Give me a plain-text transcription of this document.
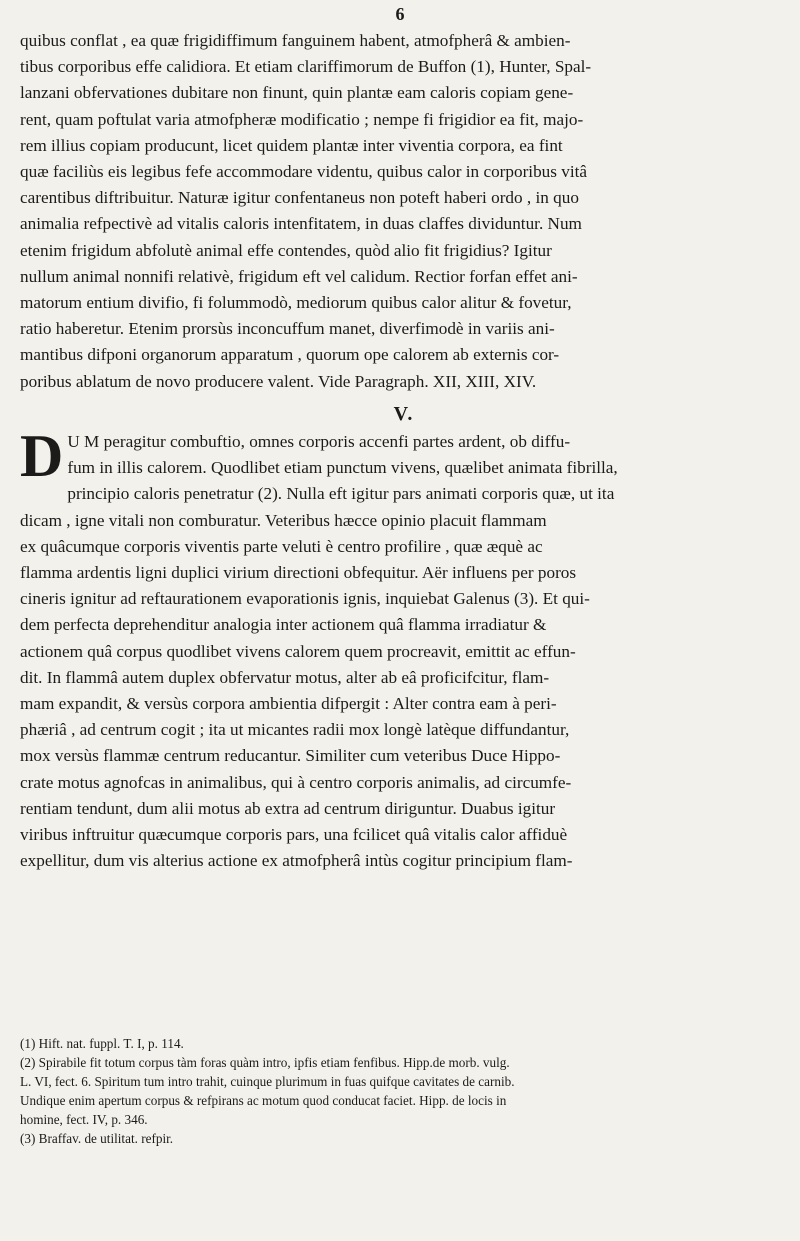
6
quibus conflat , ea quæ frigidiffimum fanguinem habent, atmofpherâ & ambien-
tibus corporibus effe calidiora. Et etiam clariffimorum de Buffon (1), Hunter, Spal-
lanzani obfervationes dubitare non finunt, quin plantæ eam caloris copiam gene-
rent, quam poftulat varia atmofpheræ modificatio ; nempe fi frigidior ea fit, majo-
rem illius copiam producunt, licet quidem plantæ inter viventia corpora, ea fint
quæ faciliùs eis legibus fefe accommodare videntu, quibus calor in corporibus vitâ
carentibus diftribuitur. Naturæ igitur confentaneus non poteft haberi ordo , in quo
animalia refpectivè ad vitalis caloris intenfitatem, in duas claffes dividuntur. Num
etenim frigidum abfolutè animal effe contendes, quòd alio fit frigidius? Igitur
nullum animal nonnifi relativè, frigidum eft vel calidum. Rectior forfan effet ani-
matorum entium divifio, fi folummodò, mediorum quibus calor alitur & fovetur,
ratio haberetur. Etenim prorsùs inconcuffum manet, diverfimodè in variis ani-
mantibus difponi organorum apparatum , quorum ope calorem ab externis cor-
poribus ablatum de novo producere valent. Vide Paragraph. XII, XIII, XIV.
V.
D U M peragitur combuftio, omnes corporis accenfi partes ardent, ob diffu-
fum in illis calorem. Quodlibet etiam punctum vivens, quælibet animata fibrilla,
principio caloris penetratur (2). Nulla eft igitur pars animati corporis quæ, ut ita
dicam , igne vitali non comburatur. Veteribus hæcce opinio placuit flammam
ex quâcumque corporis viventis parte veluti è centro profilire , quæ æquè ac
flamma ardentis ligni duplici virium directioni obfequitur. Aër influens per poros
cineris ignitur ad reftaurationem evaporationis ignis, inquiebat Galenus (3). Et qui-
dem perfecta deprehenditur analogia inter actionem quâ flamma irradiatur &
actionem quâ corpus quodlibet vivens calorem quem procreavit, emittit ac effun-
dit. In flammâ autem duplex obfervatur motus, alter ab eâ proficifcitur, flam-
mam expandit, & versùs corpora ambientia difpergit : Alter contra eam à peri-
phæriâ , ad centrum cogit ; ita ut micantes radii mox longè latèque diffundantur,
mox versùs flammæ centrum reducantur. Similiter cum veteribus Duce Hippo-
crate motus agnofcas in animalibus, qui à centro corporis animalis, ad circumfe-
rentiam tendunt, dum alii motus ab extra ad centrum diriguntur. Duabus igitur
viribus inftruitur quæcumque corporis pars, una fcilicet quâ vitalis calor affiduè
expellitur, dum vis alterius actione ex atmofpherâ intùs cogitur principium flam-
(1) Hift. nat. fuppl. T. I, p. 114.
(2) Spirabile fit totum corpus tàm foras quàm intro, ipfis etiam fenfibus. Hipp.de morb. vulg.
L. VI, fect. 6. Spiritum tum intro trahit, cuinque plurimum in fuas quifque cavitates de carnib.
Undique enim apertum corpus & refpirans ac motum quod conducat faciet. Hipp. de locis in
homine, fect. IV, p. 346.
(3) Braffav. de utilitat. refpir.
